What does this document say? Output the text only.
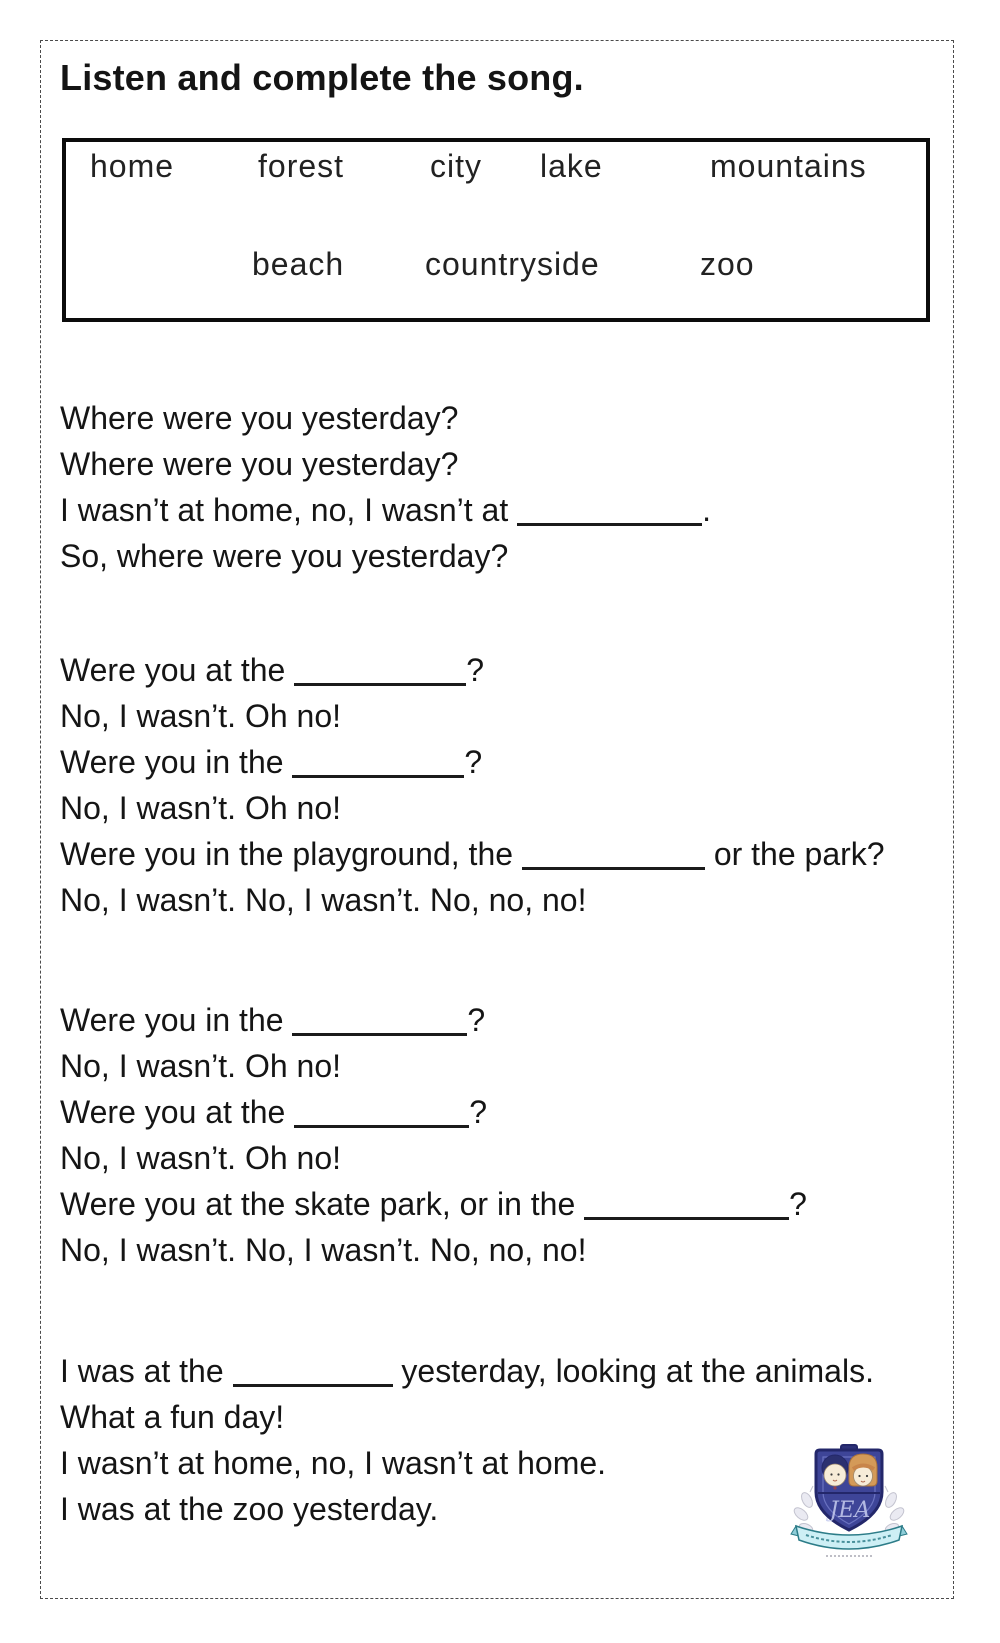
Listen and complete the song.
home	forest	city lake	mountains
beach	countryside	zoo
Where were you yesterday?
Where were you yesterday?
I wasn’t at home, no, I wasn’t at	.
So, where were you yesterday?
Were you at the	?
No, I wasn’t. Oh no!
Were you in the	?
No, I wasn’t. Oh no!
Were you in the playground, the	or the park?
No, I wasn’t. No, I wasn’t. No, no, no!
Were you in the	?
No, I wasn’t. Oh no!
Were you at the	?
No, I wasn’t. Oh no!
Were you at the skate park, or in the	?
No, I wasn’t. No, I wasn’t. No, no, no!
I was at the	yesterday, looking at the animals.
What a fun day!
I wasn’t at home, no, I wasn’t at home.
I was at the zoo yesterday.	JEA
